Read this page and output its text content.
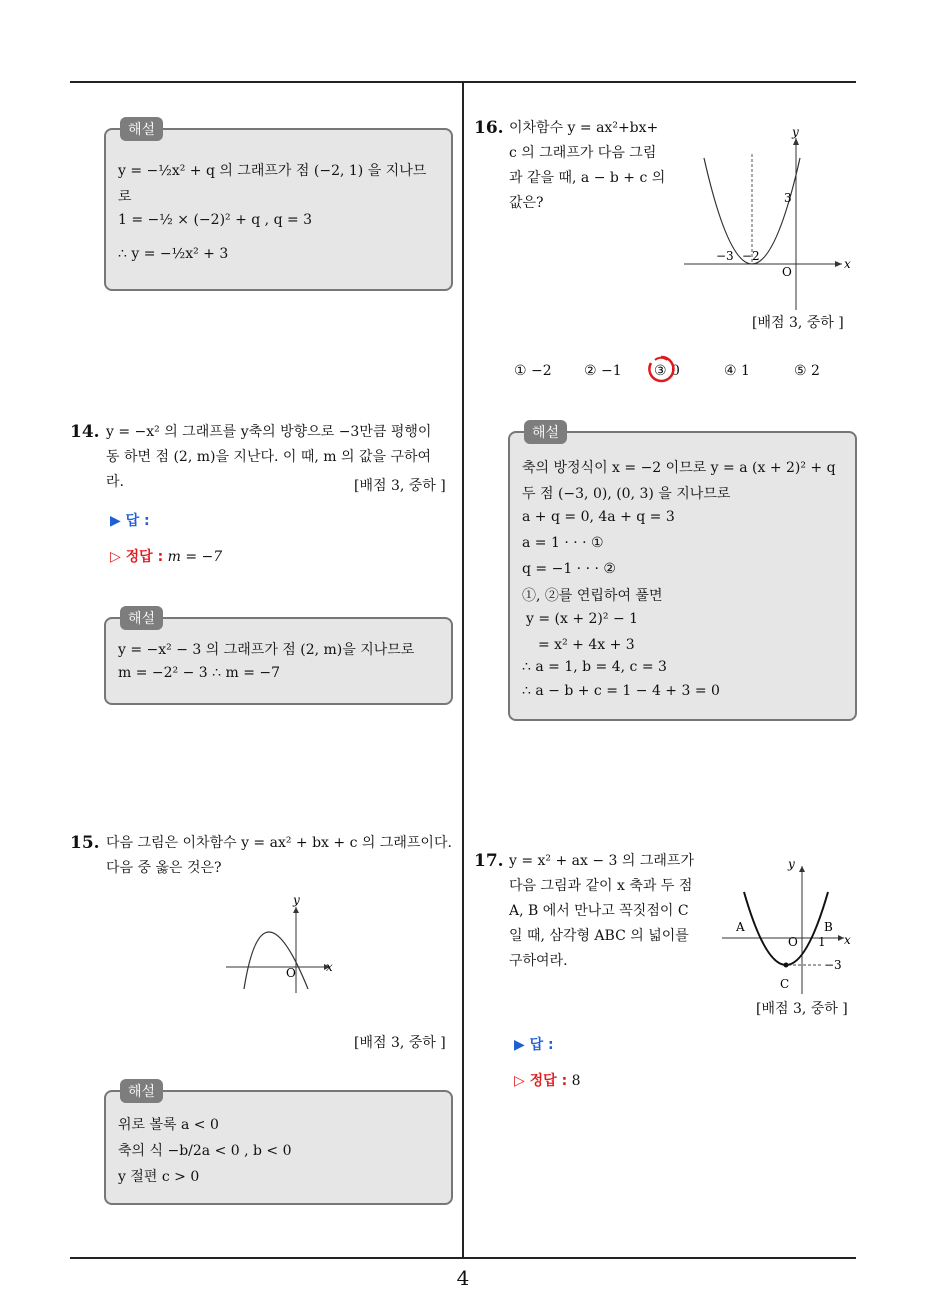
4
해설
y = −½x² + q 의 그래프가 점 (−2, 1) 을 지나므
로
1 = −½ × (−2)² + q , q = 3
∴ y = −½x² + 3
14. y = −x² 의 그래프를 y축의 방향으로 −3만큼 평행이
동 하면 점 (2, m)을 지난다. 이 때, m 의 값을 구하여
라.	[배점 3, 중하 ]
▶ 답 :
▷ 정답 : m = −7
해설
y = −x² − 3 의 그래프가 점 (2, m)을 지나므로
m = −2² − 3 ∴ m = −7
15. 다음 그림은 이차함수 y = ax² + bx + c 의 그래프이다.
다음 중 옳은 것은?
y
x
O
[배점 3, 중하 ]
해설
위로 볼록 a < 0
축의 식 −b/2a < 0 , b < 0
y 절편 c > 0
16. 이차함수 y = ax²+bx+
c 의 그래프가 다음 그림
과 같을 때, a − b + c 의
값은?
y
x
O
3
−3 −2
[배점 3, 중하 ]
① −2 ② −1 ③ 0	④ 1	⑤ 2
해설
축의 방정식이 x = −2 이므로 y = a (x + 2)² + q
두 점 (−3, 0), (0, 3) 을 지나므로
a + q = 0, 4a + q = 3
a = 1 · · · ①
q = −1 · · · ②
①, ②를 연립하여 풀면
y = (x + 2)² − 1
= x² + 4x + 3
∴ a = 1, b = 4, c = 3
∴ a − b + c = 1 − 4 + 3 = 0
17. y = x² + ax − 3 의 그래프가
다음 그림과 같이 x 축과 두 점
A, B 에서 만나고 꼭짓점이 C
일 때, 삼각형 ABC 의 넓이를
구하여라.
y
x
O
A	B
C
1
−3
[배점 3, 중하 ]
▶ 답 :
▷ 정답 : 8
